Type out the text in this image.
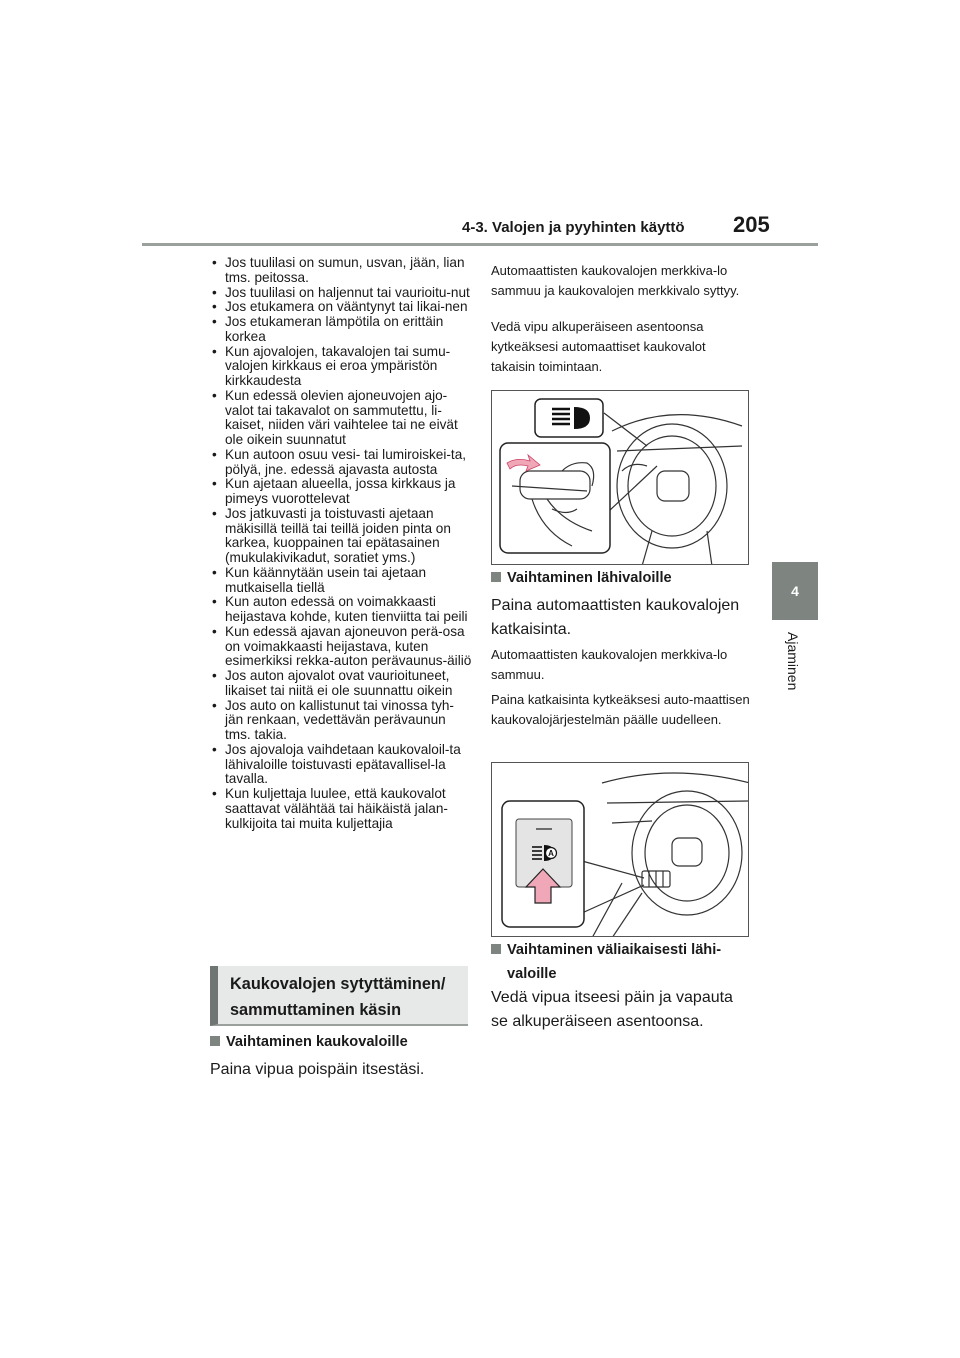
4-3. Valojen ja pyyhinten käyttö 205
4
Ajaminen
• Jos tuulilasi on sumun, usvan, jään, lian tms. peitossa.
• Jos tuulilasi on haljennut tai vaurioitu-nut
• Jos etukamera on vääntynyt tai likai-nen
• Jos etukameran lämpötila on erittäin korkea
• Kun ajovalojen, takavalojen tai sumu-valojen kirkkaus ei eroa ympäristön kirkkaudesta
• Kun edessä olevien ajoneuvojen ajo-valot tai takavalot on sammutettu, li-kaiset, niiden väri vaihtelee tai ne eivät ole oikein suunnatut
• Kun autoon osuu vesi- tai lumiroiskei-ta, pölyä, jne. edessä ajavasta autosta
• Kun ajetaan alueella, jossa kirkkaus ja pimeys vuorottelevat
• Jos jatkuvasti ja toistuvasti ajetaan mäkisillä teillä tai teillä joiden pinta on karkea, kuoppainen tai epätasainen (mukulakivikadut, soratiet yms.)
• Kun käännytään usein tai ajetaan mutkaisella tiellä
• Kun auton edessä on voimakkaasti heijastava kohde, kuten tienviitta tai peili
• Kun edessä ajavan ajoneuvon perä-osa on voimakkaasti heijastava, kuten esimerkiksi rekka-auton perävaunus-äiliö
• Jos auton ajovalot ovat vaurioituneet, likaiset tai niitä ei ole suunnattu oikein
• Jos auto on kallistunut tai vinossa tyh-jän renkaan, vedettävän perävaunun tms. takia.
• Jos ajovaloja vaihdetaan kaukovaloil-ta lähivaloille toistuvasti epätavallisel-la tavalla.
• Kun kuljettaja luulee, että kaukovalot saattavat välähtää tai häikäistä jalan-kulkijoita tai muita kuljettajia
Kaukovalojen sytyttäminen/ sammuttaminen käsin
Vaihtaminen kaukovaloille
Paina vipua poispäin itsestäsi.
Automaattisten kaukovalojen merkkiva-lo sammuu ja kaukovalojen merkkivalo syttyy.
Vedä vipu alkuperäiseen asentoonsa kytkeäksesi automaattiset kaukovalot takaisin toimintaan.
Vaihtaminen lähivaloille
Paina automaattisten kaukovalojen katkaisinta.
Automaattisten kaukovalojen merkkiva-lo sammuu.
Paina katkaisinta kytkeäksesi auto-maattisen kaukovalojärjestelmän päälle uudelleen.
A
Vaihtaminen väliaikaisesti lähi-valoille
Vedä vipua itseesi päin ja vapauta se alkuperäiseen asentoonsa.
